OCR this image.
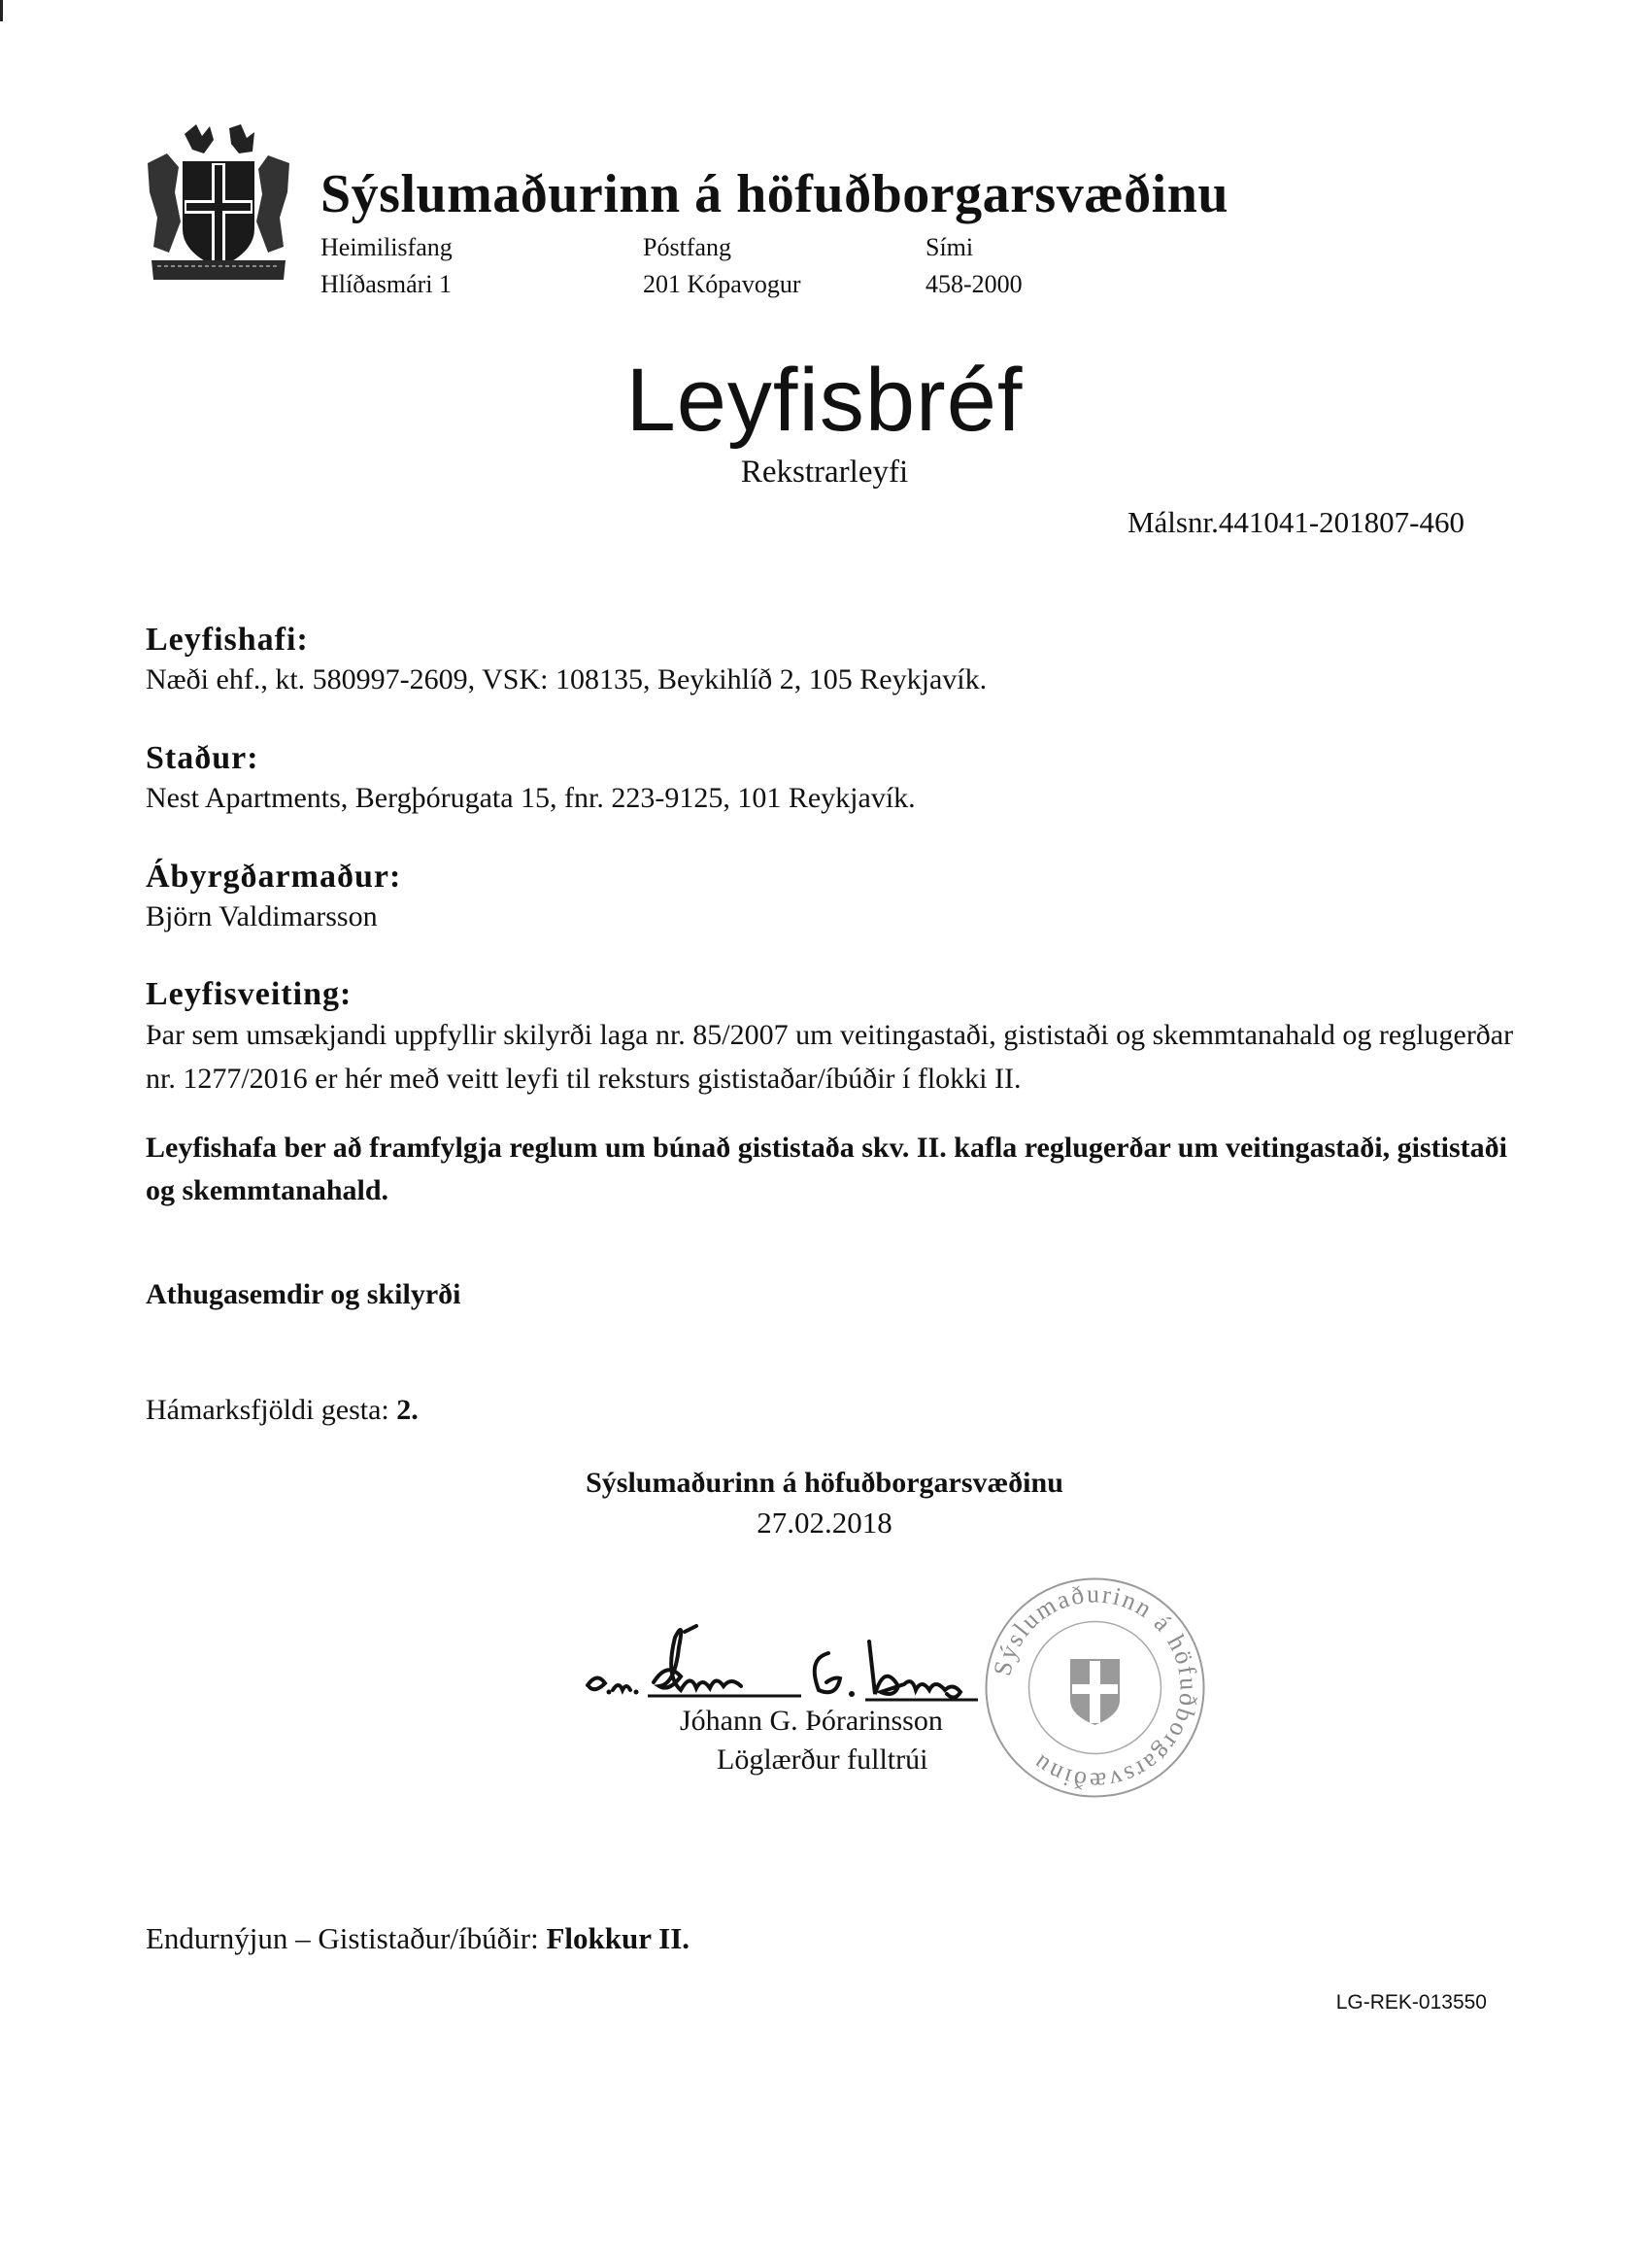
Sýslumaðurinn á höfuðborgarsvæðinu
Heimilisfang	Póstfang	Sími
Hlíðasmári 1	201 Kópavogur	458-2000
Leyfisbréf
Rekstrarleyfi
Málsnr.441041-201807-460
Leyfishafi:
Næði ehf., kt. 580997-2609, VSK: 108135, Beykihlíð 2, 105 Reykjavík.
Staður:
Nest Apartments, Bergþórugata 15, fnr. 223-9125, 101 Reykjavík.
Ábyrgðarmaður:
Björn Valdimarsson
Leyfisveiting:
Þar sem umsækjandi uppfyllir skilyrði laga nr. 85/2007 um veitingastaði, gististaði og skemmtanahald og reglugerðar nr. 1277/2016 er hér með veitt leyfi til reksturs gististaðar/íbúðir í flokki II.
Leyfishafa ber að framfylgja reglum um búnað gististaða skv. II. kafla reglugerðar um veitingastaði, gististaði og skemmtanahald.
Athugasemdir og skilyrði
Hámarksfjöldi gesta: 2.
Sýslumaðurinn á höfuðborgarsvæðinu
27.02.2018
Sýslumaðurinn á höfuðborgarsvæðinu
Jóhann G. Þórarinsson
Löglærður fulltrúi
Endurnýjun – Gististaður/íbúðir: Flokkur II.
LG-REK-013550
